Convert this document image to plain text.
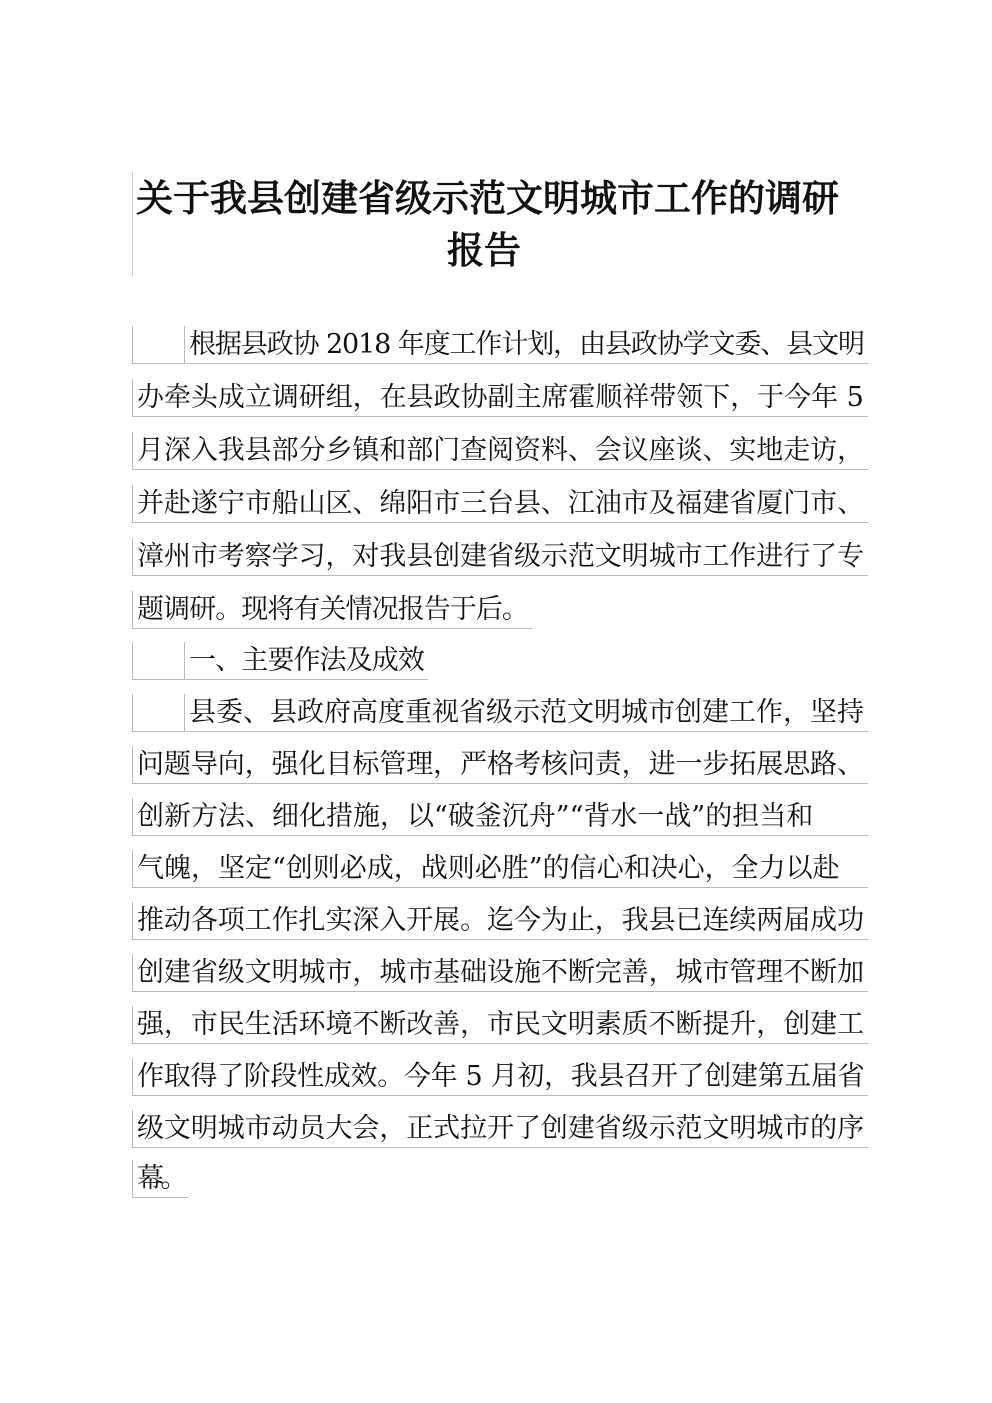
关于我县创建省级示范文明城市工作的调研
报告
根据县政协 2018 年度工作计划，由县政协学文委、县文明
办牵头成立调研组，在县政协副主席霍顺祥带领下，于今年 5
月深入我县部分乡镇和部门查阅资料、会议座谈、实地走访，
并赴遂宁市船山区、绵阳市三台县、江油市及福建省厦门市、
漳州市考察学习，对我县创建省级示范文明城市工作进行了专
题调研。现将有关情况报告于后。
一、主要作法及成效
县委、县政府高度重视省级示范文明城市创建工作，坚持
问题导向，强化目标管理，严格考核问责，进一步拓展思路、
创新方法、细化措施，以“破釜沉舟”“背水一战”的担当和
气魄，坚定“创则必成，战则必胜”的信心和决心，全力以赴
推动各项工作扎实深入开展。迄今为止，我县已连续两届成功
创建省级文明城市，城市基础设施不断完善，城市管理不断加
强，市民生活环境不断改善，市民文明素质不断提升，创建工
作取得了阶段性成效。今年 5 月初，我县召开了创建第五届省
级文明城市动员大会，正式拉开了创建省级示范文明城市的序
幕。
